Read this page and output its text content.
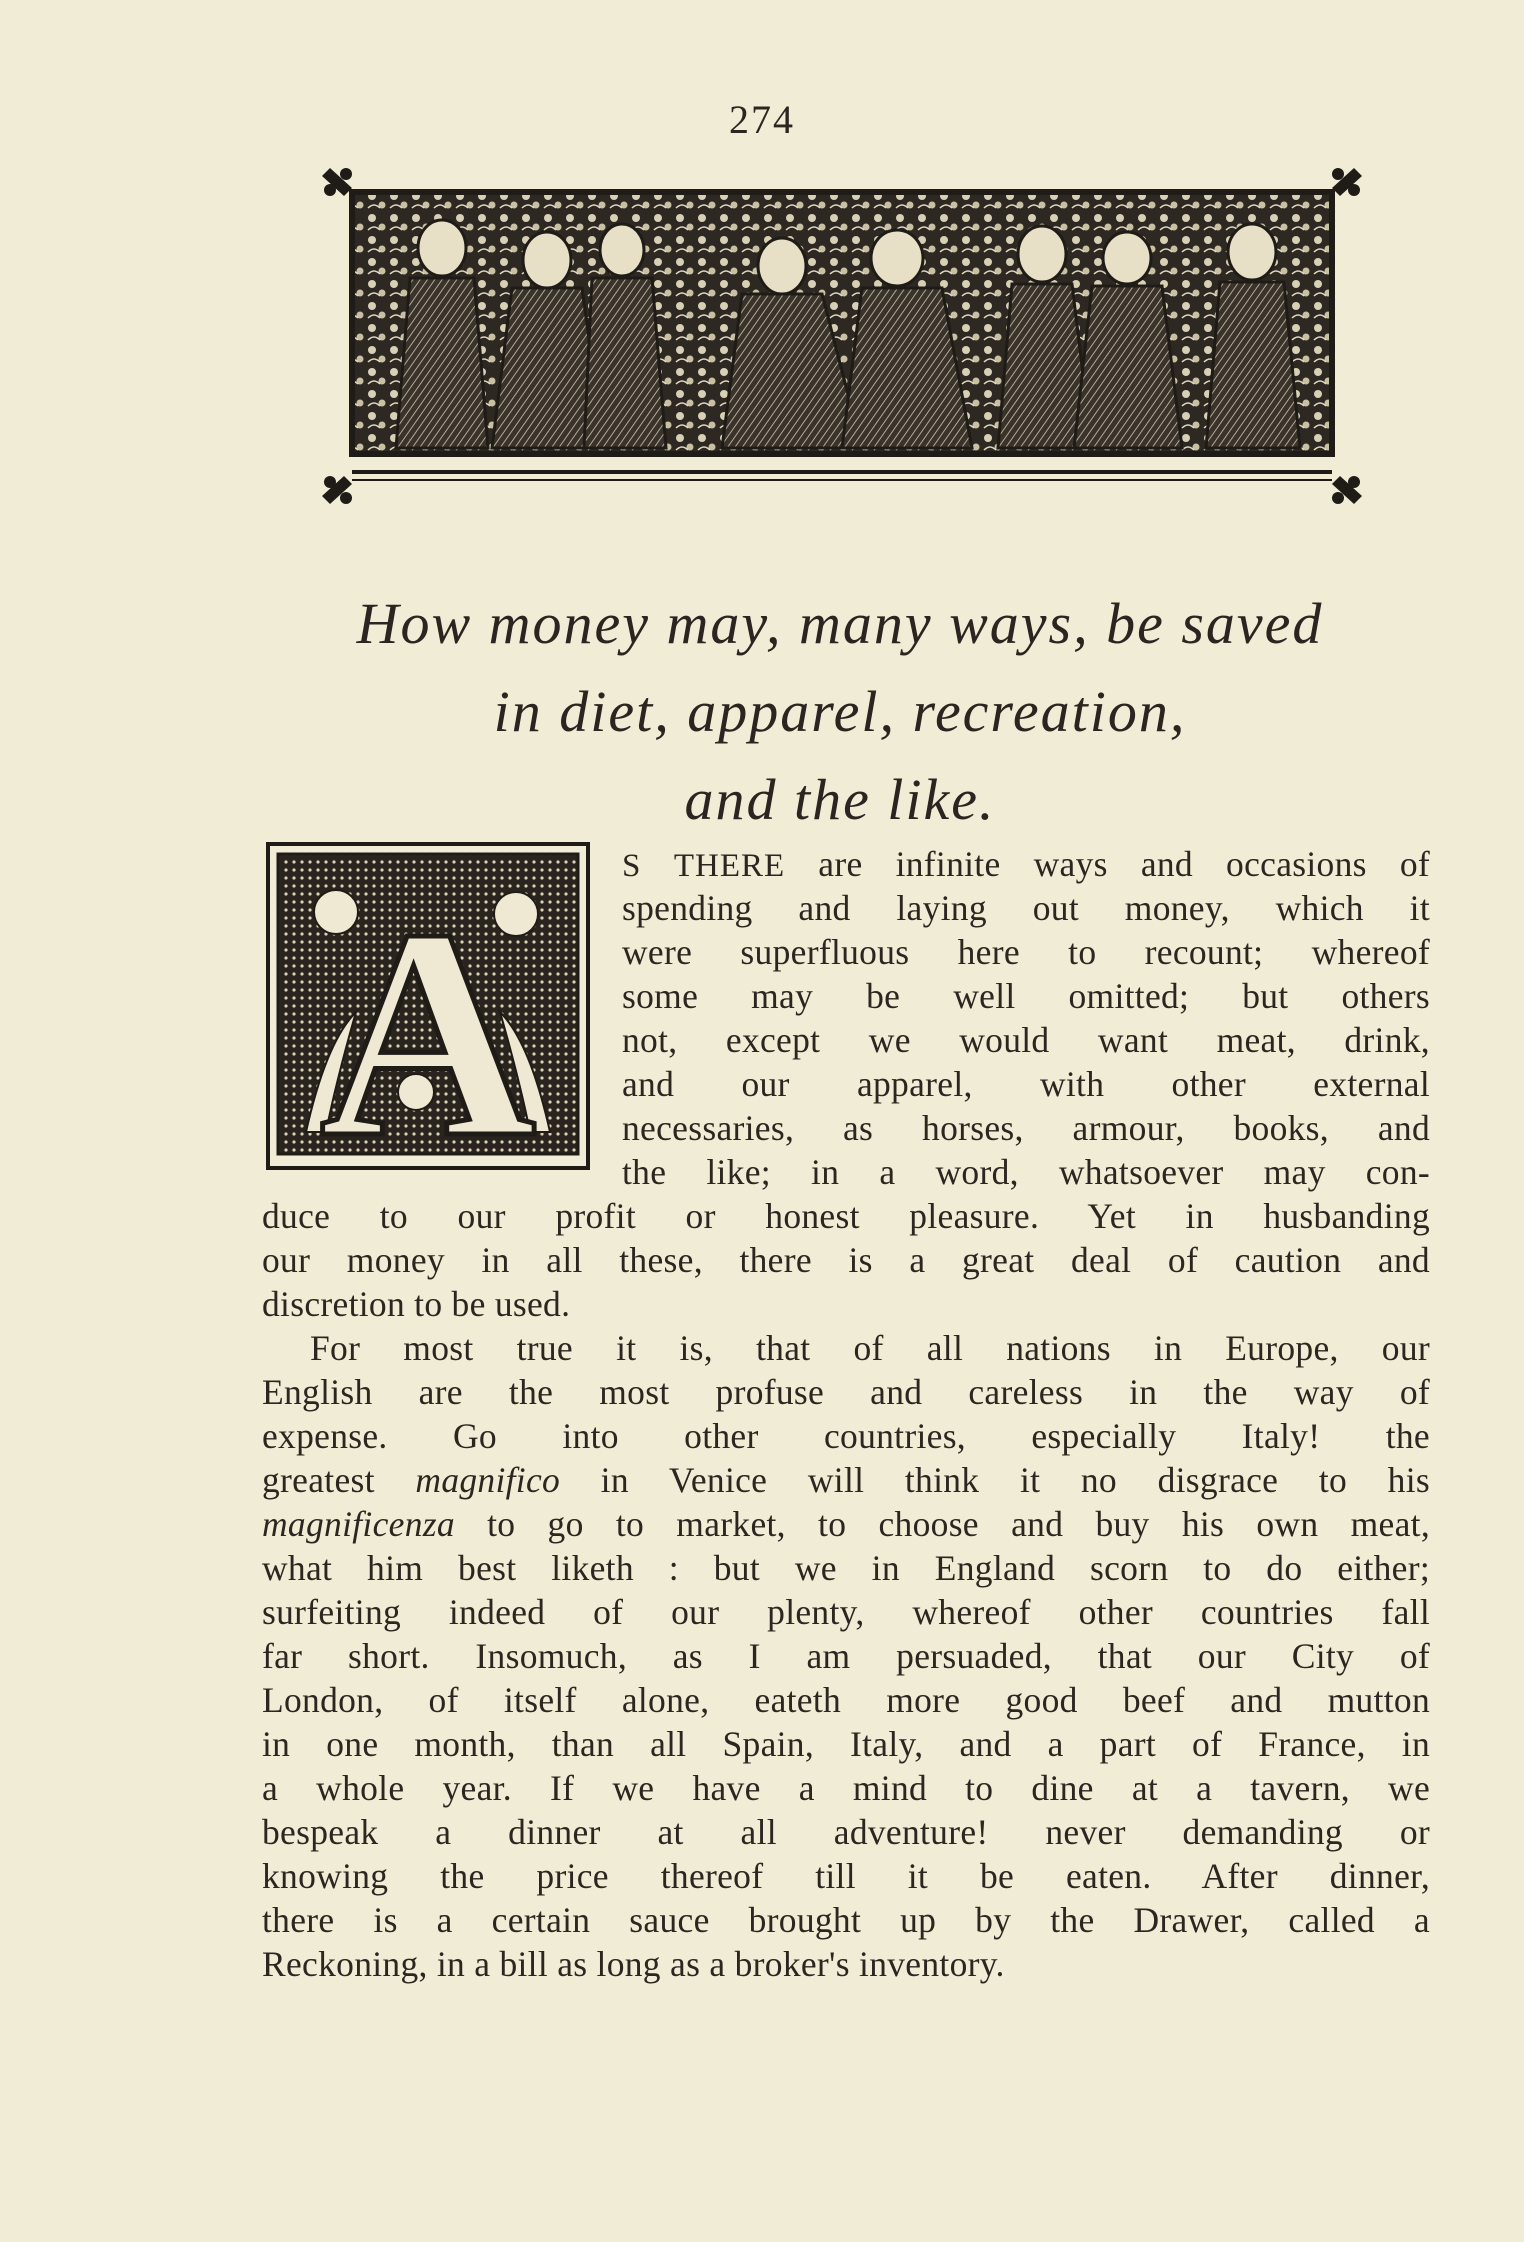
274
How money may, many ways, be saved
in diet, apparel, recreation,
and the like.
A
S THERE are infinite ways and occasions of
spending and laying out money, which it
were superfluous here to recount; whereof
some may be well omitted; but others
not, except we would want meat, drink,
and our apparel, with other external
necessaries, as horses, armour, books, and
the like; in a word, whatsoever may con-
duce to our profit or honest pleasure. Yet in husbanding
our money in all these, there is a great deal of caution and
discretion to be used.
For most true it is, that of all nations in Europe, our
English are the most profuse and careless in the way of
expense. Go into other countries, especially Italy! the
greatest magnifico in Venice will think it no disgrace to his
magnificenza to go to market, to choose and buy his own meat,
what him best liketh : but we in England scorn to do either;
surfeiting indeed of our plenty, whereof other countries fall
far short. Insomuch, as I am persuaded, that our City of
London, of itself alone, eateth more good beef and mutton
in one month, than all Spain, Italy, and a part of France, in
a whole year. If we have a mind to dine at a tavern, we
bespeak a dinner at all adventure! never demanding or
knowing the price thereof till it be eaten. After dinner,
there is a certain sauce brought up by the Drawer, called a
Reckoning, in a bill as long as a broker's inventory.
